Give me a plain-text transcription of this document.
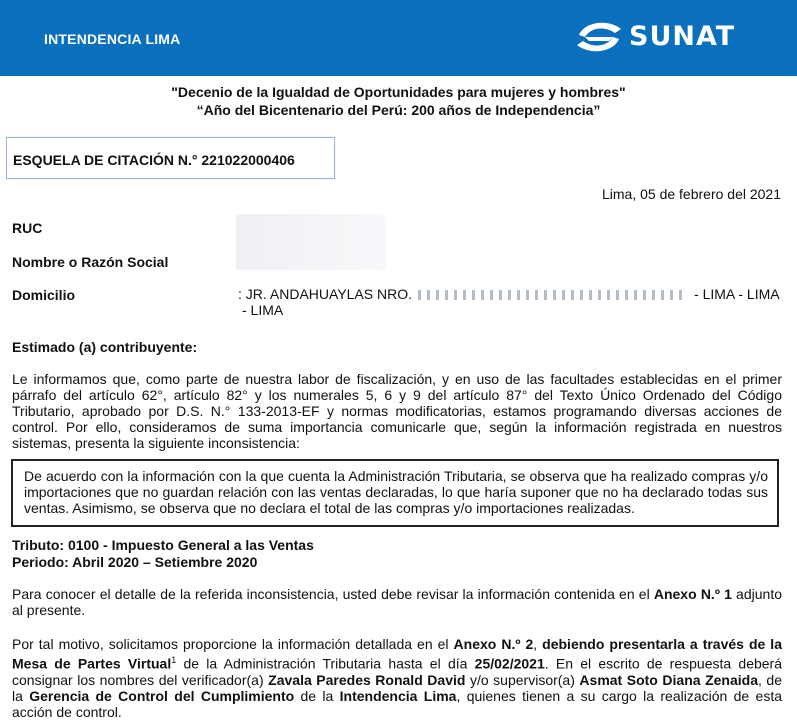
INTENDENCIA LIMA	SUNAT
"Decenio de la Igualdad de Oportunidades para mujeres y hombres"
“Año del Bicentenario del Perú: 200 años de Independencia”
ESQUELA DE CITACIÓN N.° 221022000406
Lima, 05 de febrero del 2021
RUC
Nombre o Razón Social
Domicilio	: JR. ANDAHUAYLAS NRO.	- LIMA - LIMA
- LIMA
Estimado (a) contribuyente:
Le informamos que, como parte de nuestra labor de fiscalización, y en uso de las facultades establecidas en el primer párrafo del artículo 62°, artículo 82° y los numerales 5, 6 y 9 del artículo 87° del Texto Único Ordenado del Código Tributario, aprobado por D.S. N.° 133-2013-EF y normas modificatorias, estamos programando diversas acciones de control. Por ello, consideramos de suma importancia comunicarle que, según la información registrada en nuestros sistemas, presenta la siguiente inconsistencia:
De acuerdo con la información con la que cuenta la Administración Tributaria, se observa que ha realizado compras y/o importaciones que no guardan relación con las ventas declaradas, lo que haría suponer que no ha declarado todas sus ventas. Asimismo, se observa que no declara el total de las compras y/o importaciones realizadas.
Tributo: 0100 - Impuesto General a las Ventas
Periodo: Abril 2020 – Setiembre 2020
Para conocer el detalle de la referida inconsistencia, usted debe revisar la información contenida en el Anexo N.º 1 adjunto al presente.
Por tal motivo, solicitamos proporcione la información detallada en el Anexo N.º 2, debiendo presentarla a través de la Mesa de Partes Virtual$^1$ de la Administración Tributaria hasta el día 25/02/2021. En el escrito de respuesta deberá consignar los nombres del verificador(a) Zavala Paredes Ronald David y/o supervisor(a) Asmat Soto Diana Zenaida, de la Gerencia de Control del Cumplimiento de la Intendencia Lima, quienes tienen a su cargo la realización de esta acción de control.
